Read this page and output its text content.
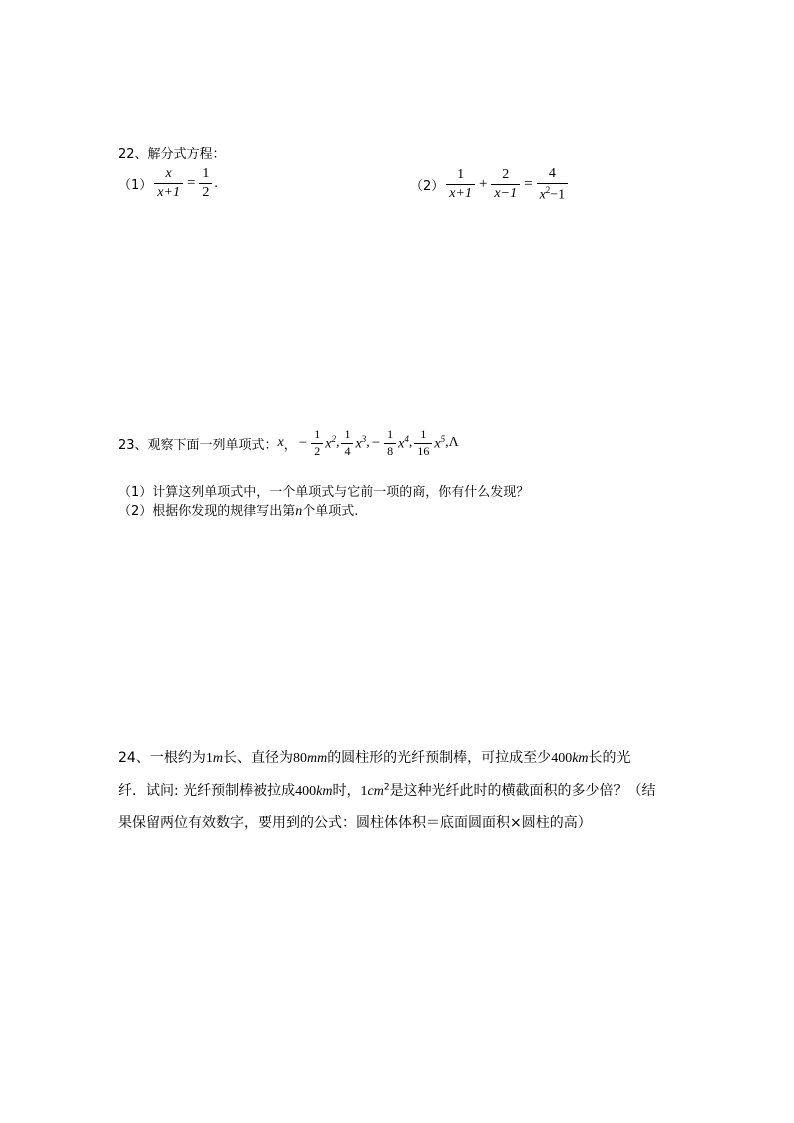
22、解分式方程：
$(1) \frac{x}{x+1} = \frac{1}{2}$ .	$(2) \frac{1}{x+1} + \frac{2}{x-1} = \frac{4}{x^2-1}$
23、观察下面一列单项式： x ， − $\frac{1}{2} x^2$ , $\frac{1}{4} x^3$ , − $\frac{1}{8} x^4$ , $\frac{1}{16} x^5$ , Λ
（1）计算这列单项式中，一个单项式与它前一项的商，你有什么发现？
（2）根据你发现的规律写出第n个单项式.
24、一根约为1m长、直径为80mm的圆柱形的光纤预制棒，可拉成至少400km长的光
纤．试问: 光纤预制棒被拉成400km时，$1cm^2$是这种光纤此时的横截面积的多少倍？（结
果保留两位有效数字，要用到的公式：圆柱体体积＝底面圆面积×圆柱的高）
